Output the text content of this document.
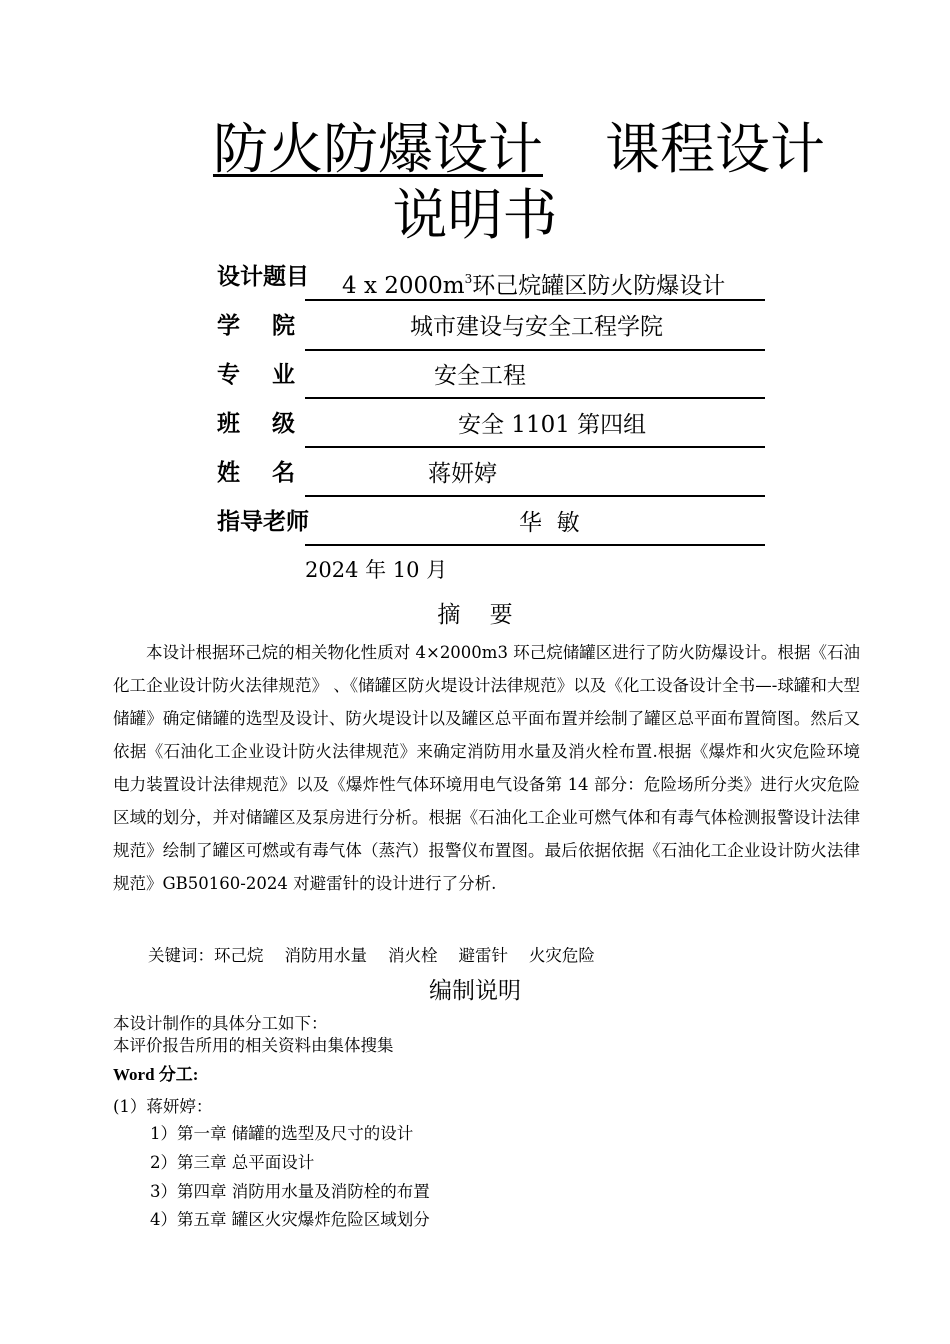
防火防爆设计 课程设计
说明书
设计题目 4 x $2000m^3$环己烷罐区防火防爆设计
学    院	城市建设与安全工程学院
专    业	安全工程
班    级	安全 1101 第四组
姓    名	蒋妍婷
指导老师	华  敏
2024 年 10 月
摘    要

本设计根据环己烷的相关物化性质对 4×2000m3 环己烷储罐区进行了防火防爆设计。根据《石油化工企业设计防火法律规范》 、《储罐区防火堤设计法律规范》以及《化工设备设计全书—-球罐和大型储罐》确定储罐的选型及设计、防火堤设计以及罐区总平面布置并绘制了罐区总平面布置简图。然后又依据《石油化工企业设计防火法律规范》来确定消防用水量及消火栓布置.根据《爆炸和火灾危险环境电力装置设计法律规范》以及《爆炸性气体环境用电气设备第 14 部分：危险场所分类》进行火灾危险区域的划分，并对储罐区及泵房进行分析。根据《石油化工企业可燃气体和有毒气体检测报警设计法律规范》绘制了罐区可燃或有毒气体（蒸汽）报警仪布置图。最后依据依据《石油化工企业设计防火法律规范》GB50160-2024 对避雷针的设计进行了分析.

关键词：环己烷    消防用水量    消火栓    避雷针    火灾危险
编制说明
本设计制作的具体分工如下：
本评价报告所用的相关资料由集体搜集
Word 分工:
(1）蒋妍婷：
1）第一章 储罐的选型及尺寸的设计
2）第三章 总平面设计
3）第四章 消防用水量及消防栓的布置
4）第五章 罐区火灾爆炸危险区域划分
